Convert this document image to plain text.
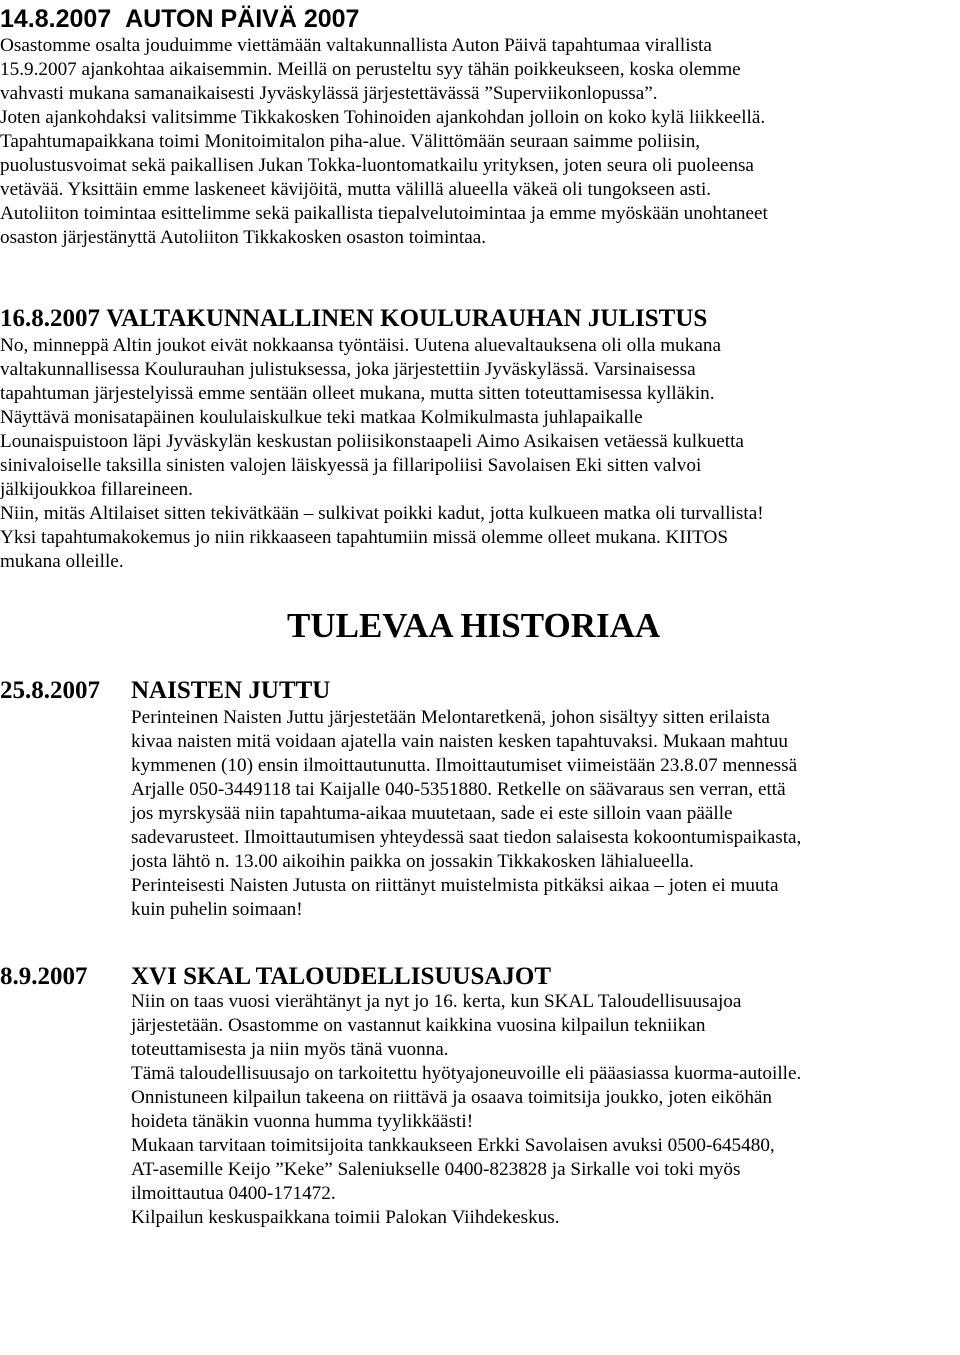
14.8.2007 AUTON PÄIVÄ 2007
Osastomme osalta jouduimme viettämään valtakunnallista Auton Päivä tapahtumaa virallista
15.9.2007 ajankohtaa aikaisemmin. Meillä on perusteltu syy tähän poikkeukseen, koska olemme
vahvasti mukana samanaikaisesti Jyväskylässä järjestettävässä ”Superviikonlopussa”.
Joten ajankohdaksi valitsimme Tikkakosken Tohinoiden ajankohdan jolloin on koko kylä liikkeellä.
Tapahtumapaikkana toimi Monitoimitalon piha-alue. Välittömään seuraan saimme poliisin,
puolustusvoimat sekä paikallisen Jukan Tokka-luontomatkailu yrityksen, joten seura oli puoleensa
vetävää. Yksittäin emme laskeneet kävijöitä, mutta välillä alueella väkeä oli tungokseen asti.
Autoliiton toimintaa esittelimme sekä paikallista tiepalvelutoimintaa ja emme myöskään unohtaneet
osaston järjestänyttä Autoliiton Tikkakosken osaston toimintaa.
16.8.2007 VALTAKUNNALLINEN KOULURAUHAN JULISTUS
No, minneppä Altin joukot eivät nokkaansa työntäisi. Uutena aluevaltauksena oli olla mukana
valtakunnallisessa Koulurauhan julistuksessa, joka järjestettiin Jyväskylässä. Varsinaisessa
tapahtuman järjestelyissä emme sentään olleet mukana, mutta sitten toteuttamisessa kylläkin.
Näyttävä monisatapäinen koululaiskulkue teki matkaa Kolmikulmasta juhlapaikalle
Lounaispuistoon läpi Jyväskylän keskustan poliisikonstaapeli Aimo Asikaisen vetäessä kulkuetta
sinivaloiselle taksilla sinisten valojen läiskyessä ja fillaripoliisi Savolaisen Eki sitten valvoi
jälkijoukkoa fillareineen.
Niin, mitäs Altilaiset sitten tekivätkään – sulkivat poikki kadut, jotta kulkueen matka oli turvallista!
Yksi tapahtumakokemus jo niin rikkaaseen tapahtumiin missä olemme olleet mukana. KIITOS
mukana olleille.
TULEVAA HISTORIAA
25.8.2007 NAISTEN JUTTU
Perinteinen Naisten Juttu järjestetään Melontaretkenä, johon sisältyy sitten erilaista
kivaa naisten mitä voidaan ajatella vain naisten kesken tapahtuvaksi. Mukaan mahtuu
kymmenen (10) ensin ilmoittautunutta. Ilmoittautumiset viimeistään 23.8.07 mennessä
Arjalle 050-3449118 tai Kaijalle 040-5351880. Retkelle on säävaraus sen verran, että
jos myrskysää niin tapahtuma-aikaa muutetaan, sade ei este silloin vaan päälle
sadevarusteet. Ilmoittautumisen yhteydessä saat tiedon salaisesta kokoontumispaikasta,
josta lähtö n. 13.00 aikoihin paikka on jossakin Tikkakosken lähialueella.
Perinteisesti Naisten Jutusta on riittänyt muistelmista pitkäksi aikaa – joten ei muuta
kuin puhelin soimaan!
8.9.2007 XVI SKAL TALOUDELLISUUSAJOT
Niin on taas vuosi vierähtänyt ja nyt jo 16. kerta, kun SKAL Taloudellisuusajoa
järjestetään. Osastomme on vastannut kaikkina vuosina kilpailun tekniikan
toteuttamisesta ja niin myös tänä vuonna.
Tämä taloudellisuusajo on tarkoitettu hyötyajoneuvoille eli pääasiassa kuorma-autoille.
Onnistuneen kilpailun takeena on riittävä ja osaava toimitsija joukko, joten eiköhän
hoideta tänäkin vuonna humma tyylikkäästi!
Mukaan tarvitaan toimitsijoita tankkaukseen Erkki Savolaisen avuksi 0500-645480,
AT-asemille Keijo ”Keke” Saleniukselle 0400-823828 ja Sirkalle voi toki myös
ilmoittautua 0400-171472.
Kilpailun keskuspaikkana toimii Palokan Viihdekeskus.
